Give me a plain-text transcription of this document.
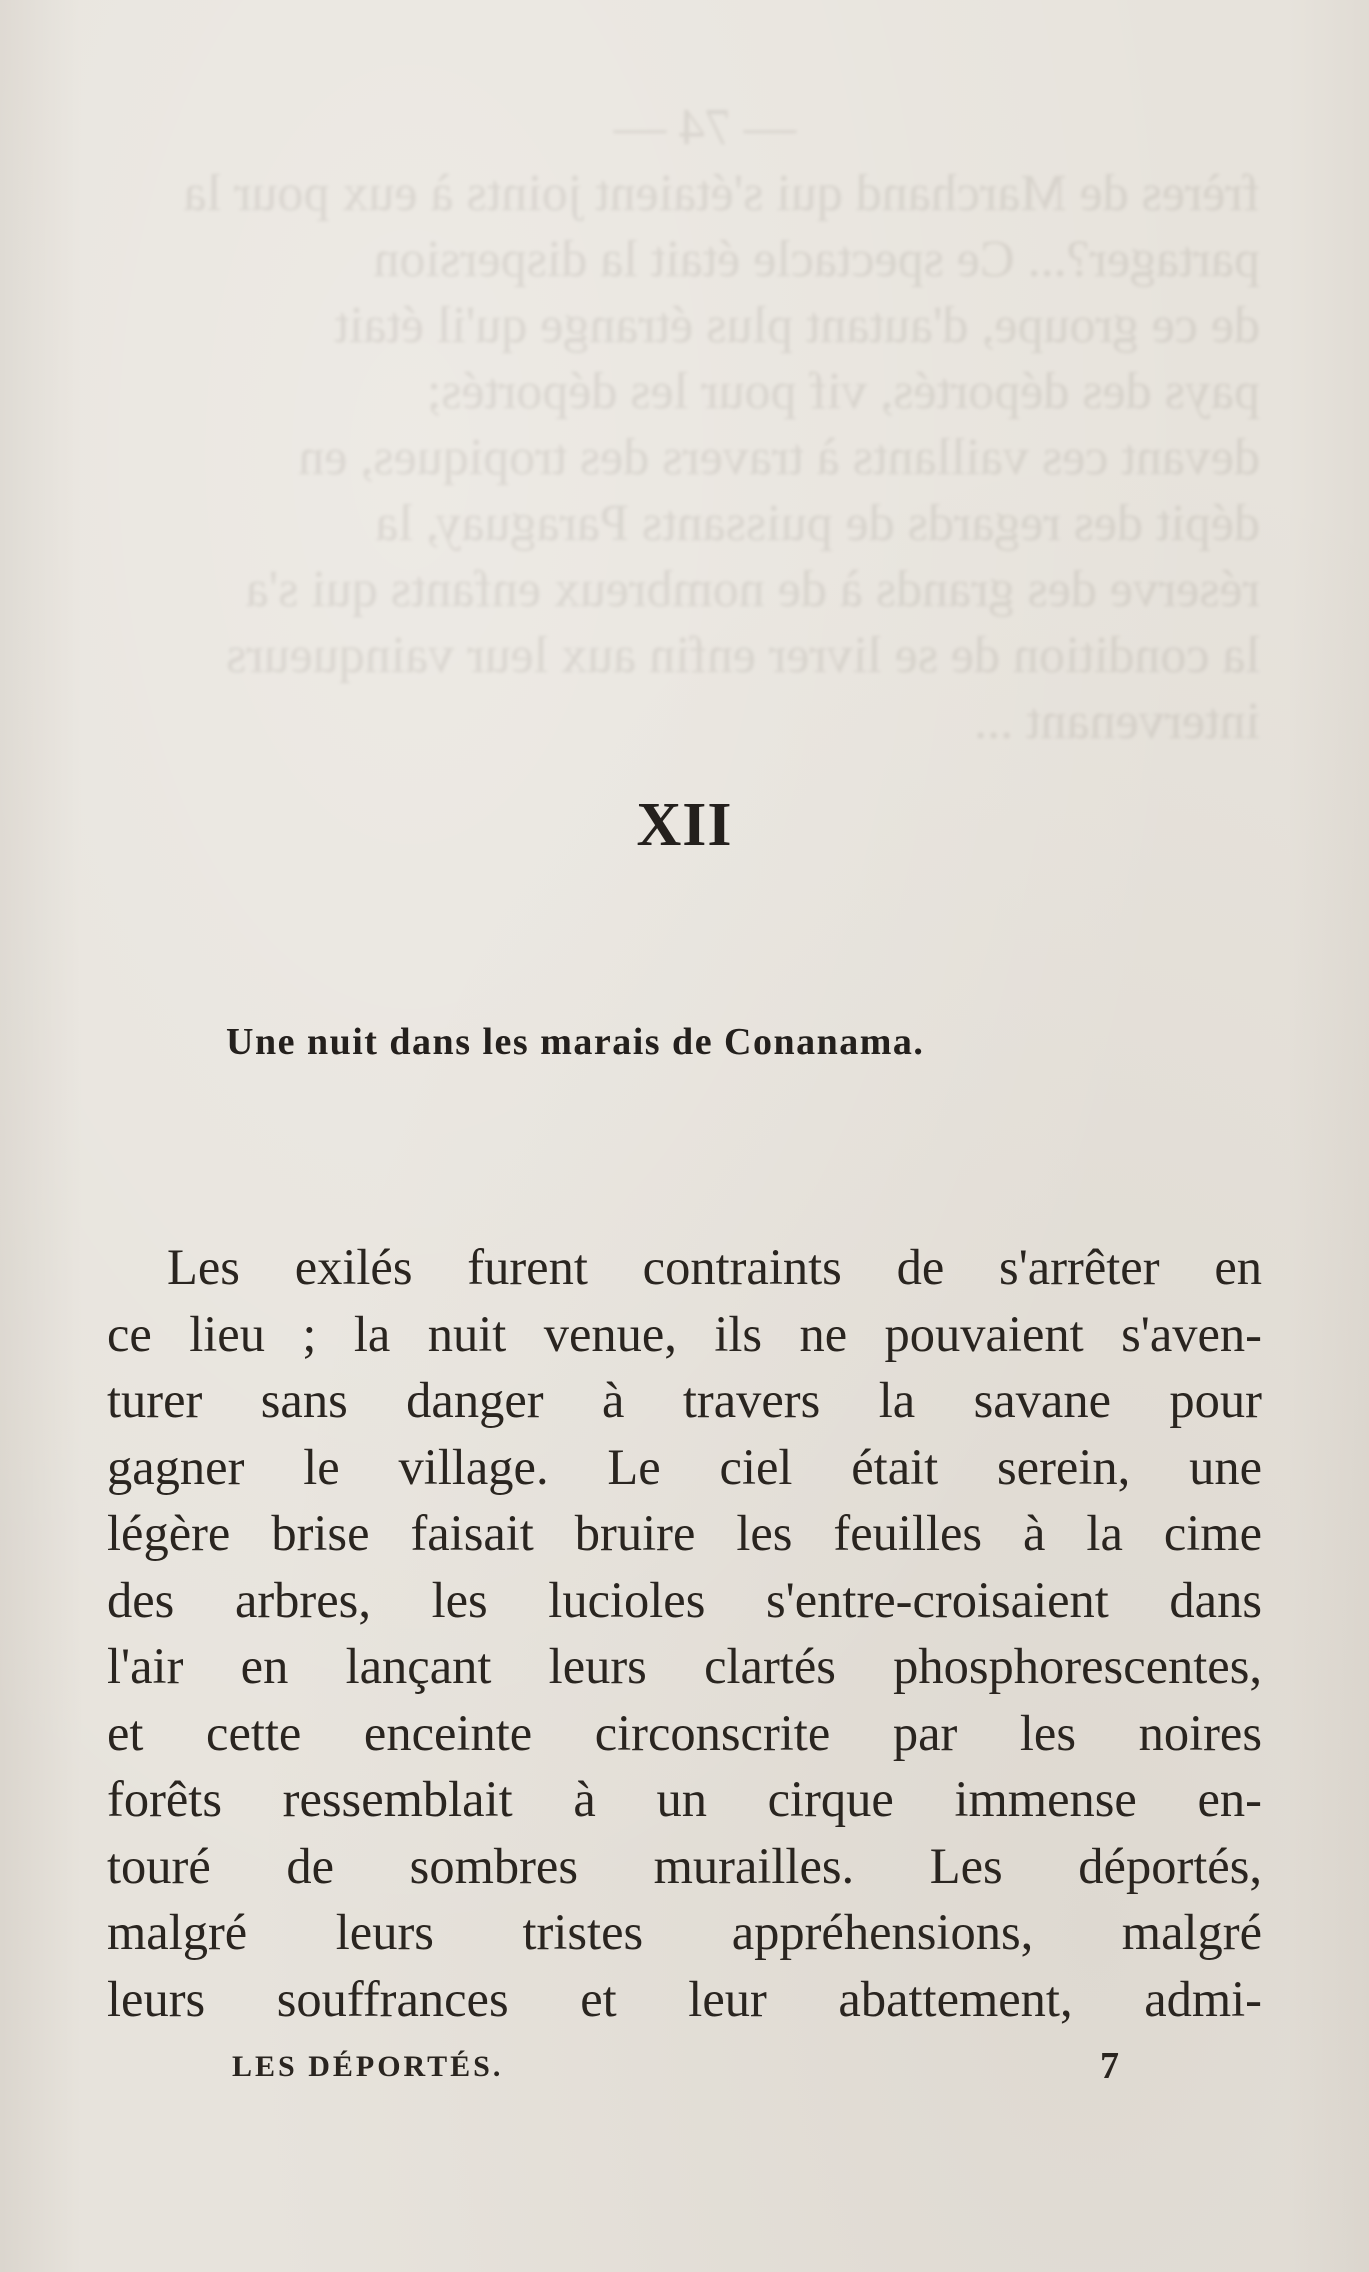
— 74 —
frères de Marchand qui s'étaient joints à eux pour la
partager?... Ce spectacle était la dispersion
de ce groupe, d'autant plus étrange qu'il était
pays des déportés, vif pour les déportés;
devant ces vaillants à travers des tropiques, en
dépit des regards de puissants Paraguay, la
réserve des grands à de nombreux enfants qui s'a
la condition de se livrer enfin aux leur vainqueurs
intervenant ...
XII
Une nuit dans les marais de Conanama.
Les exilés furent contraints de s'arrêter en
ce lieu ; la nuit venue, ils ne pouvaient s'aven-
turer sans danger à travers la savane pour
gagner le village. Le ciel était serein, une
légère brise faisait bruire les feuilles à la cime
des arbres, les lucioles s'entre-croisaient dans
l'air en lançant leurs clartés phosphorescentes,
et cette enceinte circonscrite par les noires
forêts ressemblait à un cirque immense en-
touré de sombres murailles. Les déportés,
malgré leurs tristes appréhensions, malgré
leurs souffrances et leur abattement, admi-
LES DÉPORTÉS.	7
